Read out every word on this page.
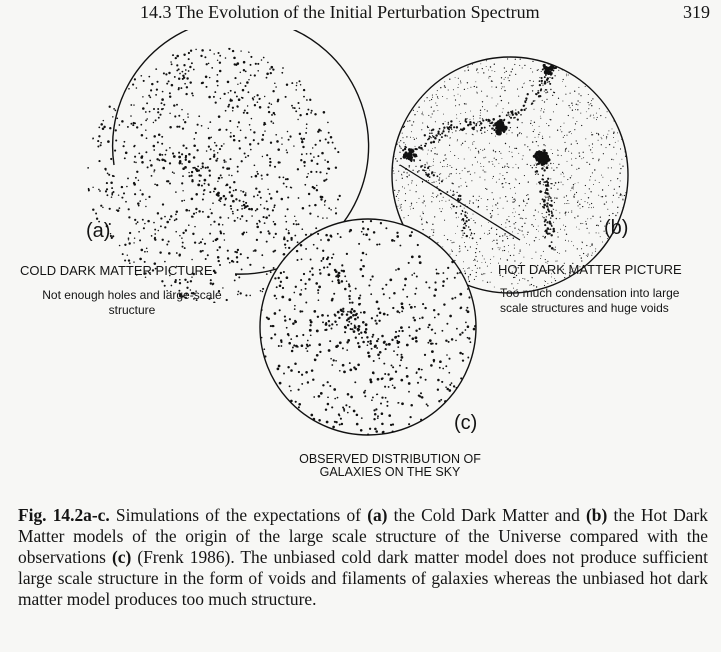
14.3 The Evolution of the Initial Perturbation Spectrum	319
(a)
COLD DARK MATTER PICTURE
Not enough holes and large-scale
structure
(b)
HOT DARK MATTER PICTURE
Too much condensation into large
scale structures and huge voids
(c)
OBSERVED DISTRIBUTION OF
GALAXIES ON THE SKY
Fig. 14.2a-c. Simulations of the expectations of (a) the Cold Dark Matter and (b) the Hot Dark Matter models of the origin of the large scale structure of the Universe compared with the observations (c) (Frenk 1986). The unbiased cold dark matter model does not produce sufficient large scale structure in the form of voids and filaments of galaxies whereas the unbiased hot dark matter model produces too much structure.
